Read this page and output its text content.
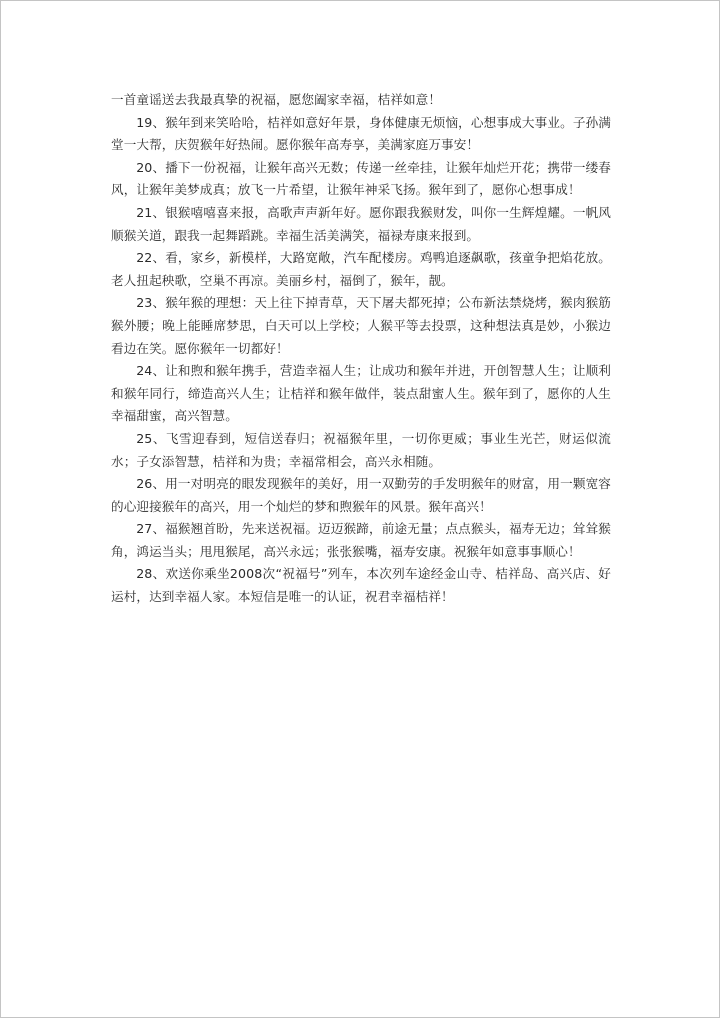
一首童谣送去我最真挚的祝福，愿您阖家幸福，桔祥如意！

19、猴年到来笑哈哈，桔祥如意好年景，身体健康无烦恼，心想事成大事业。子孙满堂一大帮，庆贺猴年好热闹。愿你猴年高寿享，美满家庭万事安！

20、播下一份祝福，让猴年高兴无数；传递一丝牵挂，让猴年灿烂开花；携带一缕春风，让猴年美梦成真；放飞一片希望，让猴年神采飞扬。猴年到了，愿你心想事成！

21、银猴嘻嘻喜来报，高歌声声新年好。愿你跟我猴财发，叫你一生辉煌耀。一帆风顺猴关道，跟我一起舞蹈跳。幸福生活美满笑，福禄寿康来报到。

22、看，家乡，新模样，大路宽敞，汽车配楼房。鸡鸭追逐飙歌，孩童争把焰花放。老人扭起秧歌，空巢不再凉。美丽乡村，福倒了，猴年，靓。

23、猴年猴的理想：天上往下掉青草，天下屠夫都死掉；公布新法禁烧烤，猴肉猴筋猴外腰；晚上能睡席梦思，白天可以上学校；人猴平等去投票，这种想法真是妙，小猴边看边在笑。愿你猴年一切都好！

24、让和煦和猴年携手，营造幸福人生；让成功和猴年并进，开创智慧人生；让顺利和猴年同行，缔造高兴人生；让桔祥和猴年做伴，装点甜蜜人生。猴年到了，愿你的人生幸福甜蜜，高兴智慧。

25、飞雪迎春到，短信送春归；祝福猴年里，一切你更威；事业生光芒，财运似流水；子女添智慧，桔祥和为贵；幸福常相会，高兴永相随。

26、用一对明亮的眼发现猴年的美好，用一双勤劳的手发明猴年的财富，用一颗宽容的心迎接猴年的高兴，用一个灿烂的梦和煦猴年的风景。猴年高兴！

27、福猴翘首盼，先来送祝福。迈迈猴蹄，前途无量；点点猴头，福寿无边；耸耸猴角，鸿运当头；甩甩猴尾，高兴永远；张张猴嘴，福寿安康。祝猴年如意事事顺心！

28、欢送你乘坐2008次“祝福号”列车，本次列车途经金山寺、桔祥岛、高兴店、好运村，达到幸福人家。本短信是唯一的认证，祝君幸福桔祥！
